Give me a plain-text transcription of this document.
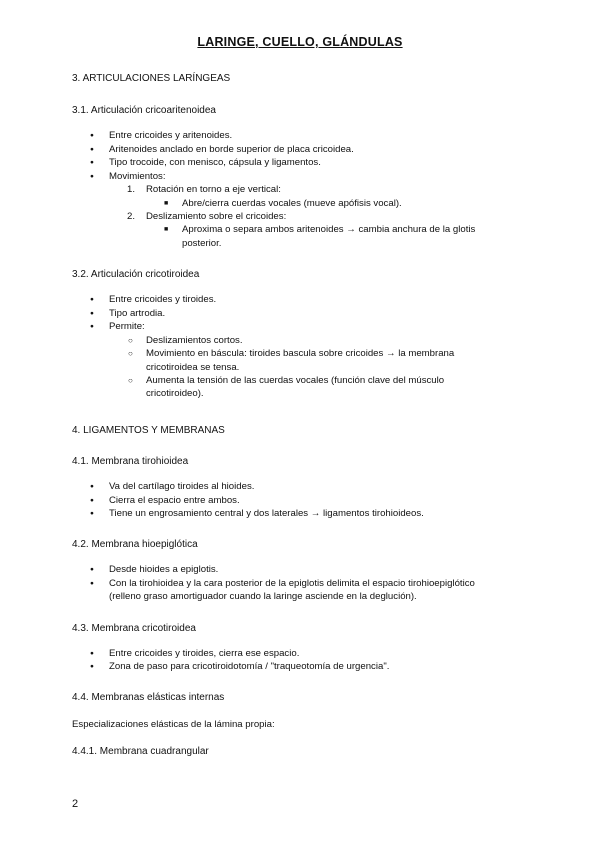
LARINGE, CUELLO, GLÁNDULAS
3. ARTICULACIONES LARÍNGEAS
3.1. Articulación cricoaritenoidea
● Entre cricoides y aritenoides.
● Aritenoides anclado en borde superior de placa cricoidea.
● Tipo trocoide, con menisco, cápsula y ligamentos.
● Movimientos:
1. Rotación en torno a eje vertical:
■ Abre/cierra cuerdas vocales (mueve apófisis vocal).
2. Deslizamiento sobre el cricoides:
■ Aproxima o separa ambos aritenoides → cambia anchura de la glotis
posterior.
3.2. Articulación cricotiroidea
● Entre cricoides y tiroides.
● Tipo artrodia.
● Permite:
○ Deslizamientos cortos.
○ Movimiento en báscula: tiroides bascula sobre cricoides → la membrana
cricotiroidea se tensa.
○ Aumenta la tensión de las cuerdas vocales (función clave del músculo
cricotiroideo).
4. LIGAMENTOS Y MEMBRANAS
4.1. Membrana tirohioidea
● Va del cartílago tiroides al hioides.
● Cierra el espacio entre ambos.
● Tiene un engrosamiento central y dos laterales → ligamentos tirohioideos.
4.2. Membrana hioepiglótica
● Desde hioides a epiglotis.
● Con la tirohioidea y la cara posterior de la epiglotis delimita el espacio tirohioepiglótico
(relleno graso amortiguador cuando la laringe asciende en la deglución).
4.3. Membrana cricotiroidea
● Entre cricoides y tiroides, cierra ese espacio.
● Zona de paso para cricotiroidotomía / "traqueotomía de urgencia".
4.4. Membranas elásticas internas
Especializaciones elásticas de la lámina propia:
4.4.1. Membrana cuadrangular
2
